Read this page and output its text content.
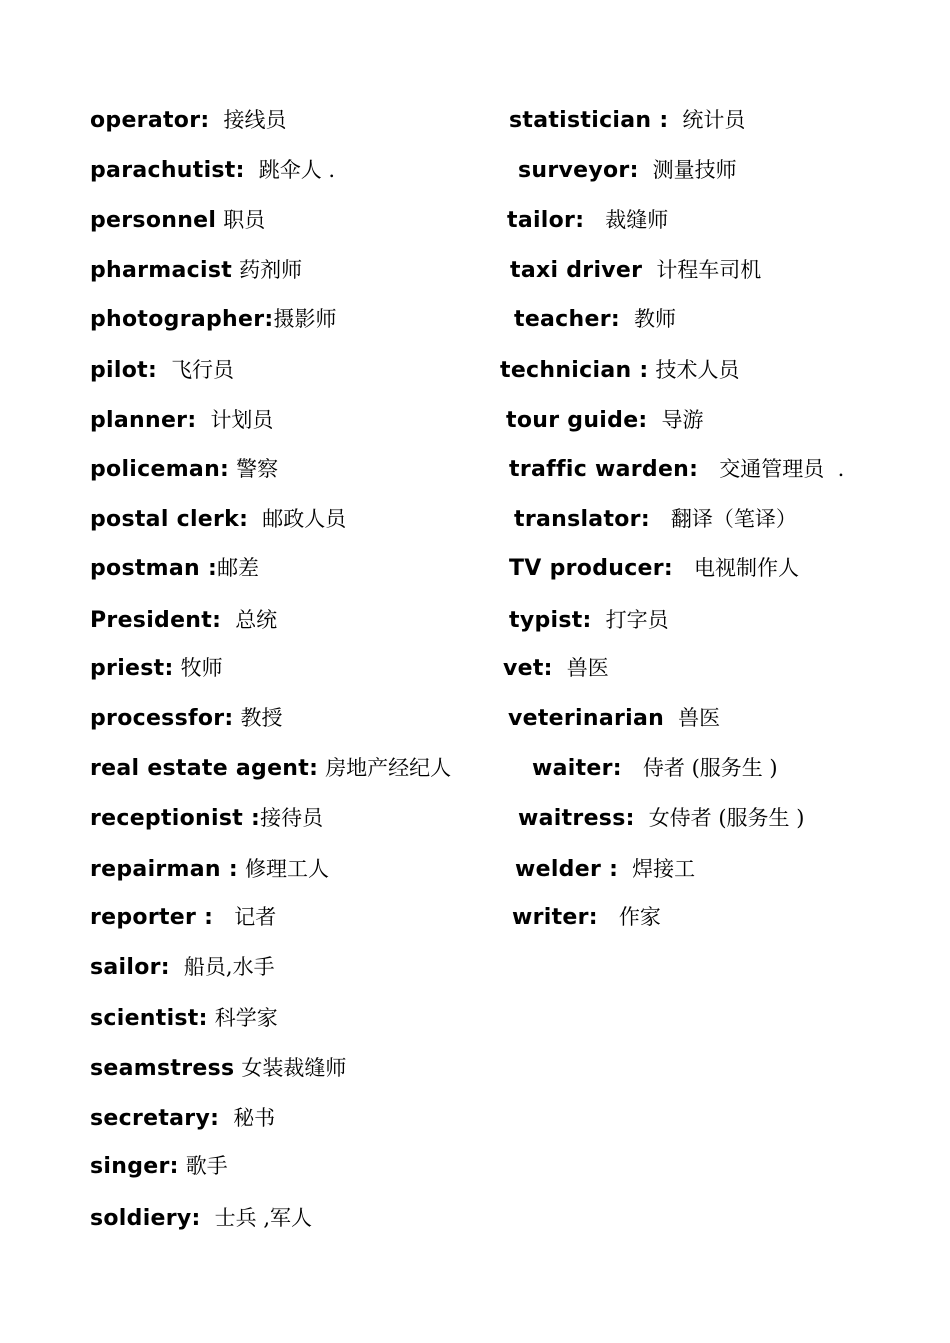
operator: 接线员
parachutist: 跳伞人 .
personnel 职员
pharmacist 药剂师
photographer:摄影师
pilot: 飞行员
planner: 计划员
policeman: 警察
postal clerk: 邮政人员
postman :邮差
President: 总统
priest: 牧师
processfor: 教授
real estate agent: 房地产经纪人
receptionist :接待员
repairman : 修理工人
reporter : 记者
sailor: 船员,水手
scientist: 科学家
seamstress 女装裁缝师
secretary: 秘书
singer: 歌手
soldiery: 士兵 ,军人
statistician : 统计员
surveyor: 测量技师
tailor: 裁缝师
taxi driver 计程车司机
teacher: 教师
technician : 技术人员
tour guide: 导游
traffic warden: 交通管理员  .
translator: 翻译（笔译）
TV producer: 电视制作人
typist: 打字员
vet: 兽医
veterinarian 兽医
waiter: 侍者 (服务生 )
waitress: 女侍者 (服务生 )
welder : 焊接工
writer: 作家
